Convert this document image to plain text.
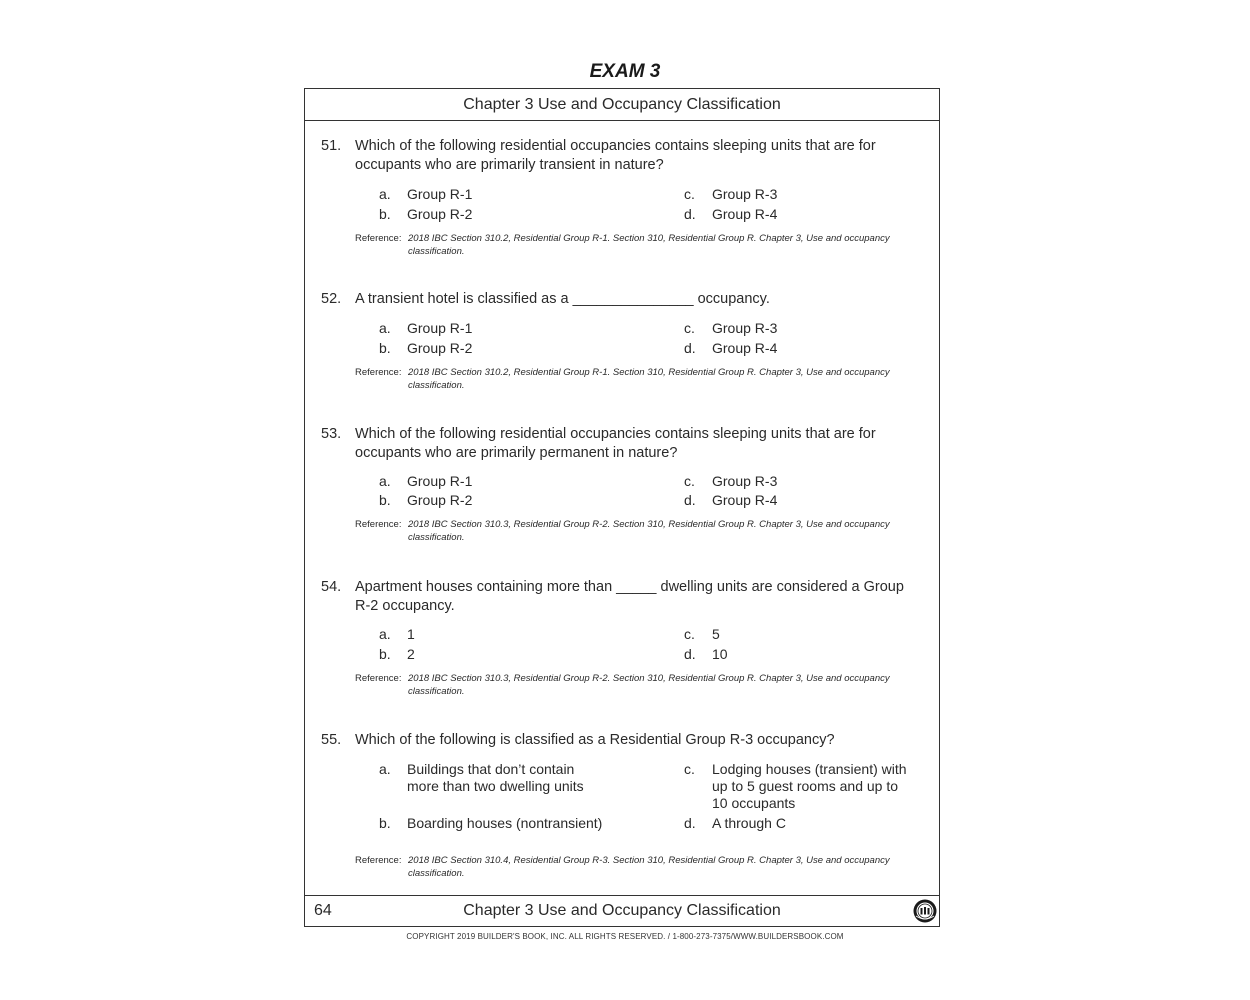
EXAM 3
Chapter 3 Use and Occupancy Classification
51. Which of the following residential occupancies contains sleeping units that are for occupants who are primarily transient in nature?
a. Group R-1
b. Group R-2
c. Group R-3
d. Group R-4
Reference: 2018 IBC Section 310.2, Residential Group R-1. Section 310, Residential Group R. Chapter 3, Use and occupancy classification.
52. A transient hotel is classified as a _______________ occupancy.
a. Group R-1
b. Group R-2
c. Group R-3
d. Group R-4
Reference: 2018 IBC Section 310.2, Residential Group R-1. Section 310, Residential Group R. Chapter 3, Use and occupancy classification.
53. Which of the following residential occupancies contains sleeping units that are for occupants who are primarily permanent in nature?
a. Group R-1
b. Group R-2
c. Group R-3
d. Group R-4
Reference: 2018 IBC Section 310.3, Residential Group R-2. Section 310, Residential Group R. Chapter 3, Use and occupancy classification.
54. Apartment houses containing more than _____ dwelling units are considered a Group R-2 occupancy.
a. 1
b. 2
c. 5
d. 10
Reference: 2018 IBC Section 310.3, Residential Group R-2. Section 310, Residential Group R. Chapter 3, Use and occupancy classification.
55. Which of the following is classified as a Residential Group R-3 occupancy?
a. Buildings that don’t contain more than two dwelling units
b. Boarding houses (nontransient)
c. Lodging houses (transient) with up to 5 guest rooms and up to 10 occupants
d. A through C
Reference: 2018 IBC Section 310.4, Residential Group R-3. Section 310, Residential Group R. Chapter 3, Use and occupancy classification.
Chapter 3 Use and Occupancy Classification
64
COPYRIGHT 2019 BUILDER'S BOOK, INC. ALL RIGHTS RESERVED. / 1-800-273-7375/WWW.BUILDERSBOOK.COM
